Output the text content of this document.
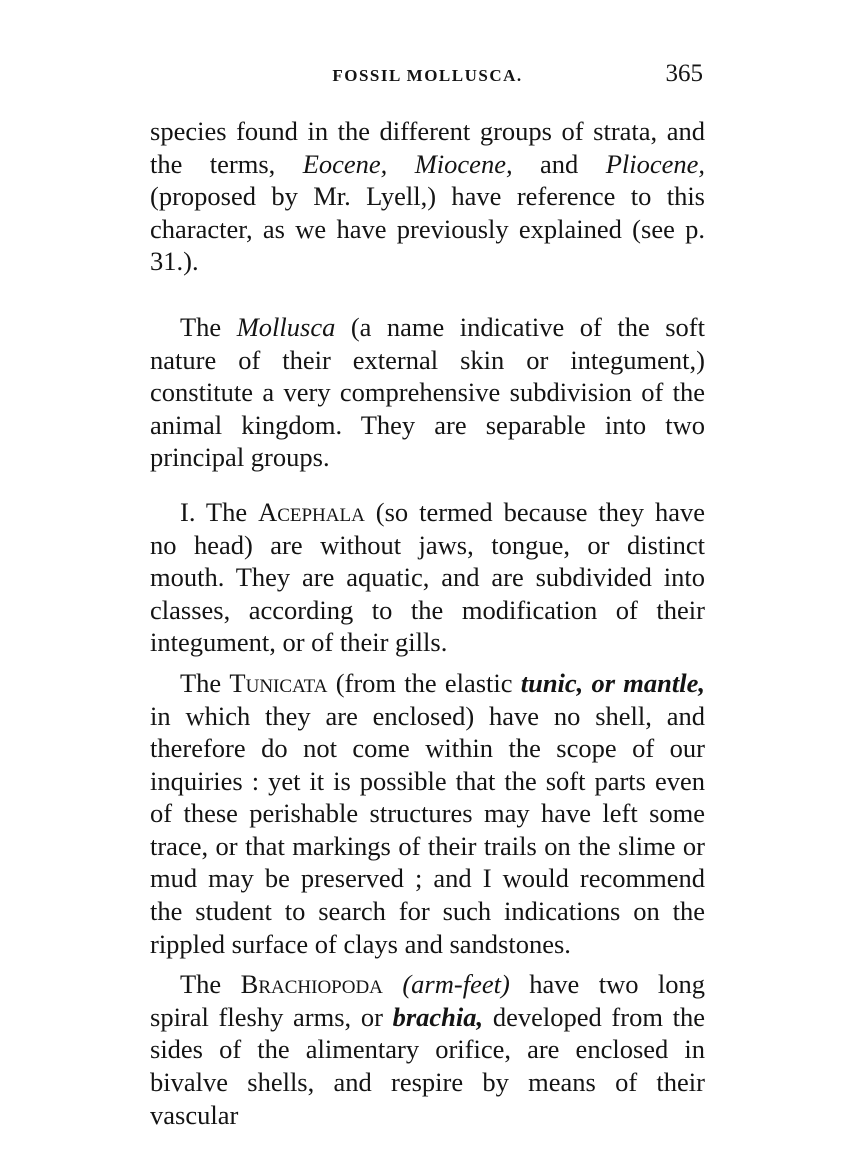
FOSSIL MOLLUSCA.	365

species found in the different groups of strata, and the terms, Eocene, Miocene, and Pliocene, (proposed by Mr. Lyell,) have reference to this character, as we have previously explained (see p. 31.).

The Mollusca (a name indicative of the soft nature of their external skin or integument,) constitute a very comprehensive subdivision of the animal kingdom. They are separable into two principal groups.

I. The Acephala (so termed because they have no head) are without jaws, tongue, or distinct mouth. They are aquatic, and are subdivided into classes, according to the modification of their integument, or of their gills.

The Tunicata (from the elastic tunic, or mantle, in which they are enclosed) have no shell, and therefore do not come within the scope of our inquiries : yet it is possible that the soft parts even of these perishable structures may have left some trace, or that markings of their trails on the slime or mud may be preserved ; and I would recommend the student to search for such indications on the rippled surface of clays and sandstones.

The Brachiopoda (arm-feet) have two long spiral fleshy arms, or brachia, developed from the sides of the alimentary orifice, are enclosed in bivalve shells, and respire by means of their vascular
